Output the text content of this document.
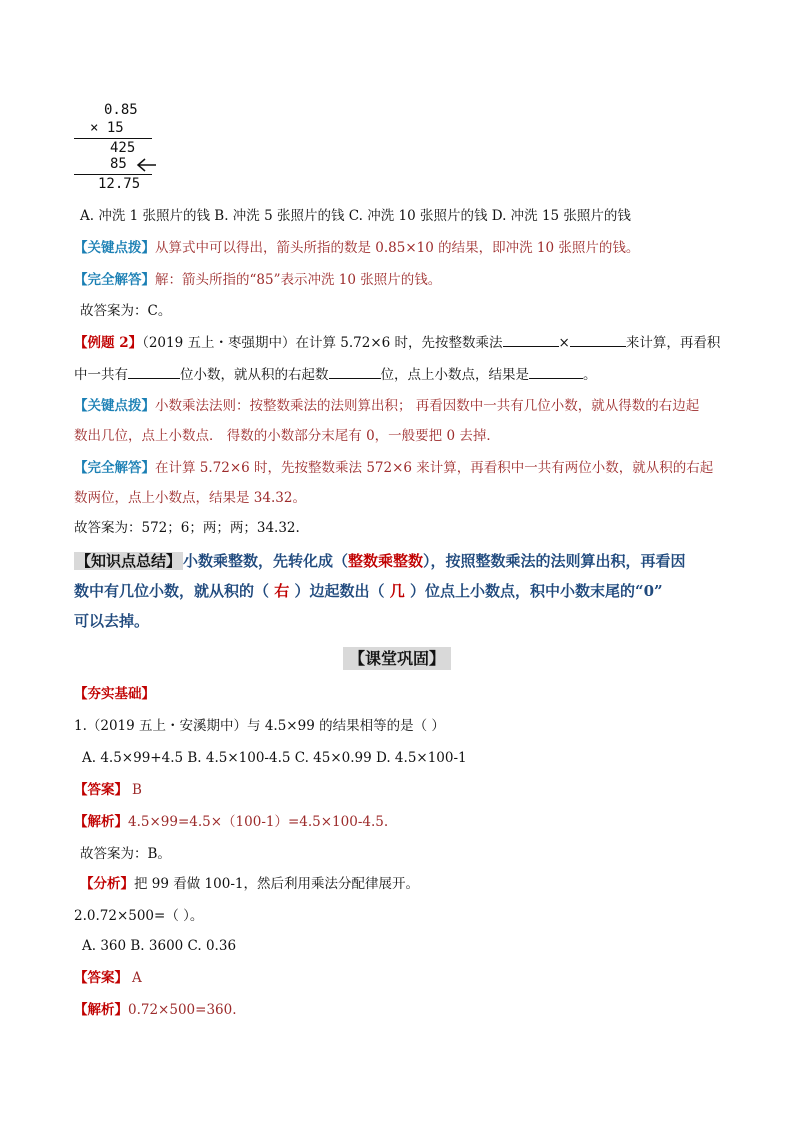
0.85
× 15
425
85
12.75
A. 冲洗 1 张照片的钱 B. 冲洗 5 张照片的钱 C. 冲洗 10 张照片的钱 D. 冲洗 15 张照片的钱
【关键点拨】从算式中可以得出，箭头所指的数是 0.85×10 的结果，即冲洗 10 张照片的钱。
【完全解答】解：箭头所指的“85”表示冲洗 10 张照片的钱。
故答案为：C。
【例题 2】（2019 五上・枣强期中）在计算 5.72×6 时，先按整数乘法	×	来计算，再看积
中一共有	位小数，就从积的右起数	位，点上小数点，结果是	。
【关键点拨】小数乘法法则：按整数乘法的法则算出积； 再看因数中一共有几位小数，就从得数的右边起
数出几位，点上小数点． 得数的小数部分末尾有 0，一般要把 0 去掉．
【完全解答】在计算 5.72×6 时，先按整数乘法 572×6 来计算，再看积中一共有两位小数，就从积的右起
数两位，点上小数点，结果是 34.32。
故答案为：572；6；两；两；34.32.
【知识点总结】 小数乘整数，先转化成（整数乘整数），按照整数乘法的法则算出积，再看因
数中有几位小数，就从积的（ 右 ）边起数出（ 几 ）位点上小数点，积中小数末尾的“0”
可以去掉。
【课堂巩固】
【夯实基础】
1.（2019 五上・安溪期中）与 4.5×99 的结果相等的是（ ）
A. 4.5×99+4.5 B. 4.5×100-4.5 C. 45×0.99 D. 4.5×100-1
【答案】 B
【解析】4.5×99=4.5×（100-1）=4.5×100-4.5.
故答案为：B。
【分析】把 99 看做 100-1，然后利用乘法分配律展开。
2.0.72×500=（ ）。
A. 360 B. 3600 C. 0.36
【答案】 A
【解析】0.72×500=360.
